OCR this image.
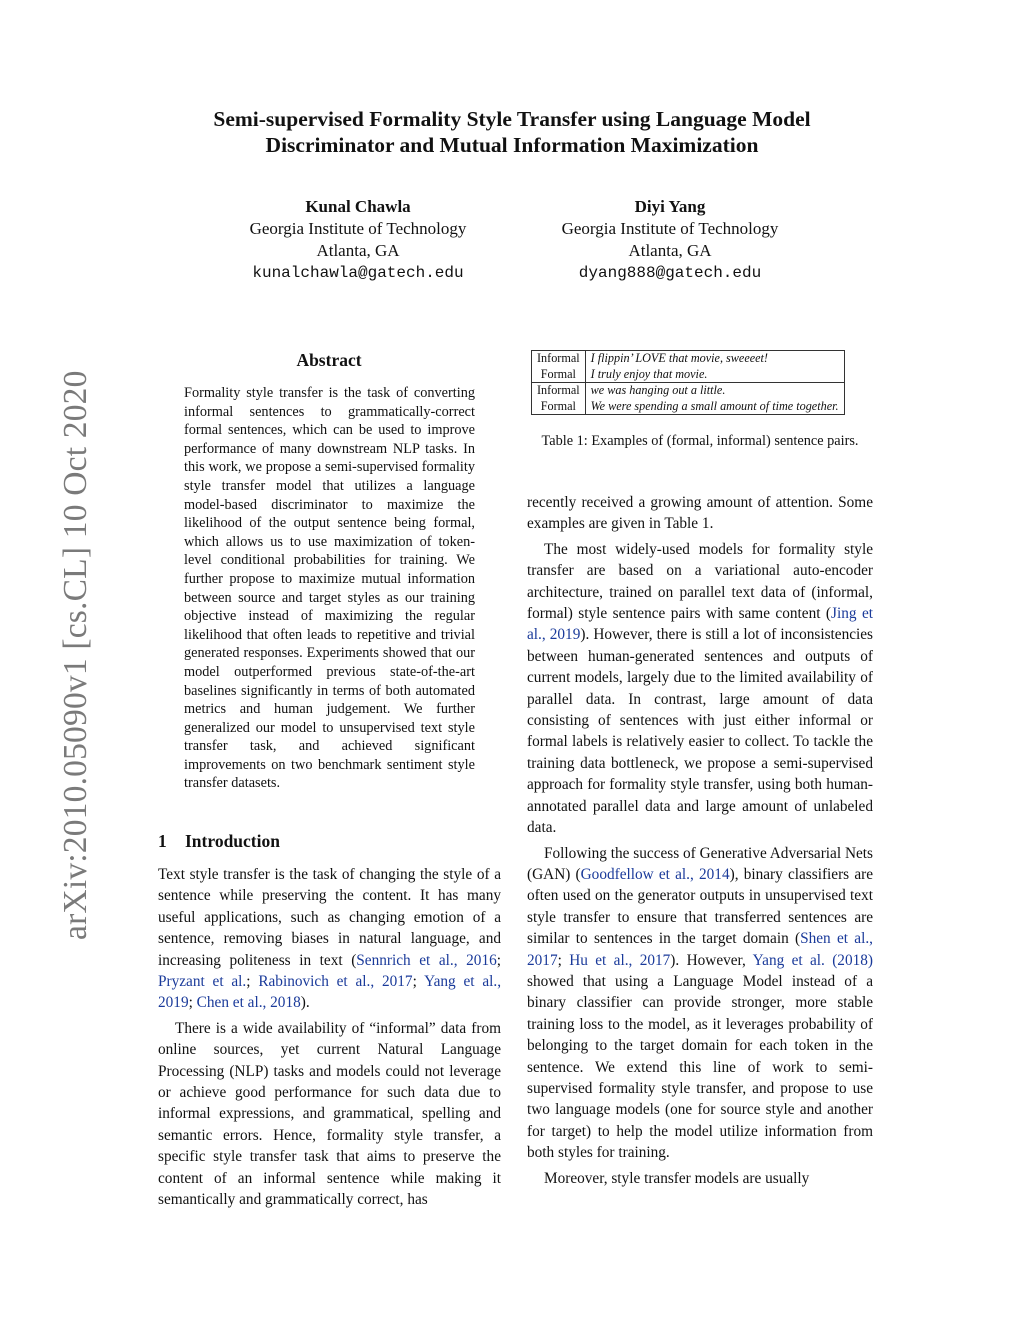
Semi-supervised Formality Style Transfer using Language Model
Discriminator and Mutual Information Maximization
Kunal Chawla
Georgia Institute of Technology
Atlanta, GA
kunalchawla@gatech.edu
Diyi Yang
Georgia Institute of Technology
Atlanta, GA
dyang888@gatech.edu
arXiv:2010.05090v1 [cs.CL] 10 Oct 2020
Abstract
Formality style transfer is the task of converting informal sentences to grammatically-correct formal sentences, which can be used to improve performance of many downstream NLP tasks. In this work, we propose a semi-supervised formality style transfer model that utilizes a language model-based discriminator to maximize the likelihood of the output sentence being formal, which allows us to use maximization of token-level conditional probabilities for training. We further propose to maximize mutual information between source and target styles as our training objective instead of maximizing the regular likelihood that often leads to repetitive and trivial generated responses. Experiments showed that our model outperformed previous state-of-the-art baselines significantly in terms of both automated metrics and human judgement. We further generalized our model to unsupervised text style transfer task, and achieved significant improvements on two benchmark sentiment style transfer datasets.
1 Introduction

Text style transfer is the task of changing the style of a sentence while preserving the content. It has many useful applications, such as changing emotion of a sentence, removing biases in natural language, and increasing politeness in text (Sennrich et al., 2016; Pryzant et al.; Rabinovich et al., 2017; Yang et al., 2019; Chen et al., 2018).

There is a wide availability of “informal” data from online sources, yet current Natural Language Processing (NLP) tasks and models could not leverage or achieve good performance for such data due to informal expressions, and grammatical, spelling and semantic errors. Hence, formality style transfer, a specific style transfer task that aims to preserve the content of an informal sentence while making it semantically and grammatically correct, has

Informal	I flippin’ LOVE that movie, sweeeet!
Formal	I truly enjoy that movie.
Informal	we was hanging out a little.
Formal	We were spending a small amount of time together.
Table 1: Examples of (formal, informal) sentence pairs.

recently received a growing amount of attention. Some examples are given in Table 1.

The most widely-used models for formality style transfer are based on a variational auto-encoder architecture, trained on parallel text data of (informal, formal) style sentence pairs with same content (Jing et al., 2019). However, there is still a lot of inconsistencies between human-generated sentences and outputs of current models, largely due to the limited availability of parallel data. In contrast, large amount of data consisting of sentences with just either informal or formal labels is relatively easier to collect. To tackle the training data bottleneck, we propose a semi-supervised approach for formality style transfer, using both human-annotated parallel data and large amount of unlabeled data.

Following the success of Generative Adversarial Nets (GAN) (Goodfellow et al., 2014), binary classifiers are often used on the generator outputs in unsupervised text style transfer to ensure that transferred sentences are similar to sentences in the target domain (Shen et al., 2017; Hu et al., 2017). However, Yang et al. (2018) showed that using a Language Model instead of a binary classifier can provide stronger, more stable training loss to the model, as it leverages probability of belonging to the target domain for each token in the sentence. We extend this line of work to semi-supervised formality style transfer, and propose to use two language models (one for source style and another for target) to help the model utilize information from both styles for training.

Moreover, style transfer models are usually
